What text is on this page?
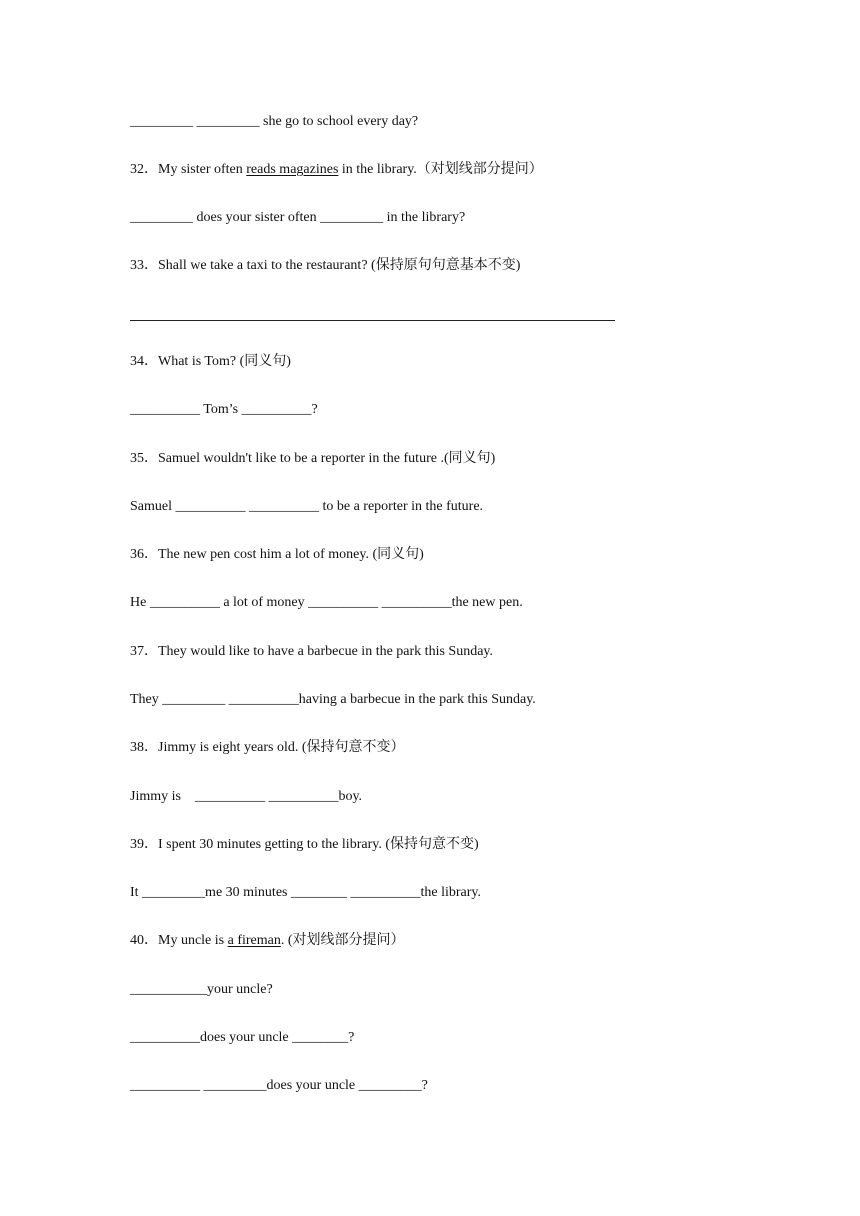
_________ _________ she go to school every day?
32．My sister often reads magazines in the library.（对划线部分提问）
_________ does your sister often _________ in the library?
33．Shall we take a taxi to the restaurant? (保持原句句意基本不变)
34．What is Tom? (同义句)
__________ Tom’s __________?
35．Samuel wouldn't like to be a reporter in the future .(同义句)
Samuel __________ __________ to be a reporter in the future.
36．The new pen cost him a lot of money. (同义句)
He __________ a lot of money __________ __________the new pen.
37．They would like to have a barbecue in the park this Sunday.
They _________ __________having a barbecue in the park this Sunday.
38．Jimmy is eight years old. (保持句意不变）
Jimmy is    __________ __________boy.
39．I spent 30 minutes getting to the library. (保持句意不变)
It _________me 30 minutes ________ __________the library.
40．My uncle is a fireman. (对划线部分提问）
___________your uncle?
__________does your uncle ________?
__________ _________does your uncle _________?
